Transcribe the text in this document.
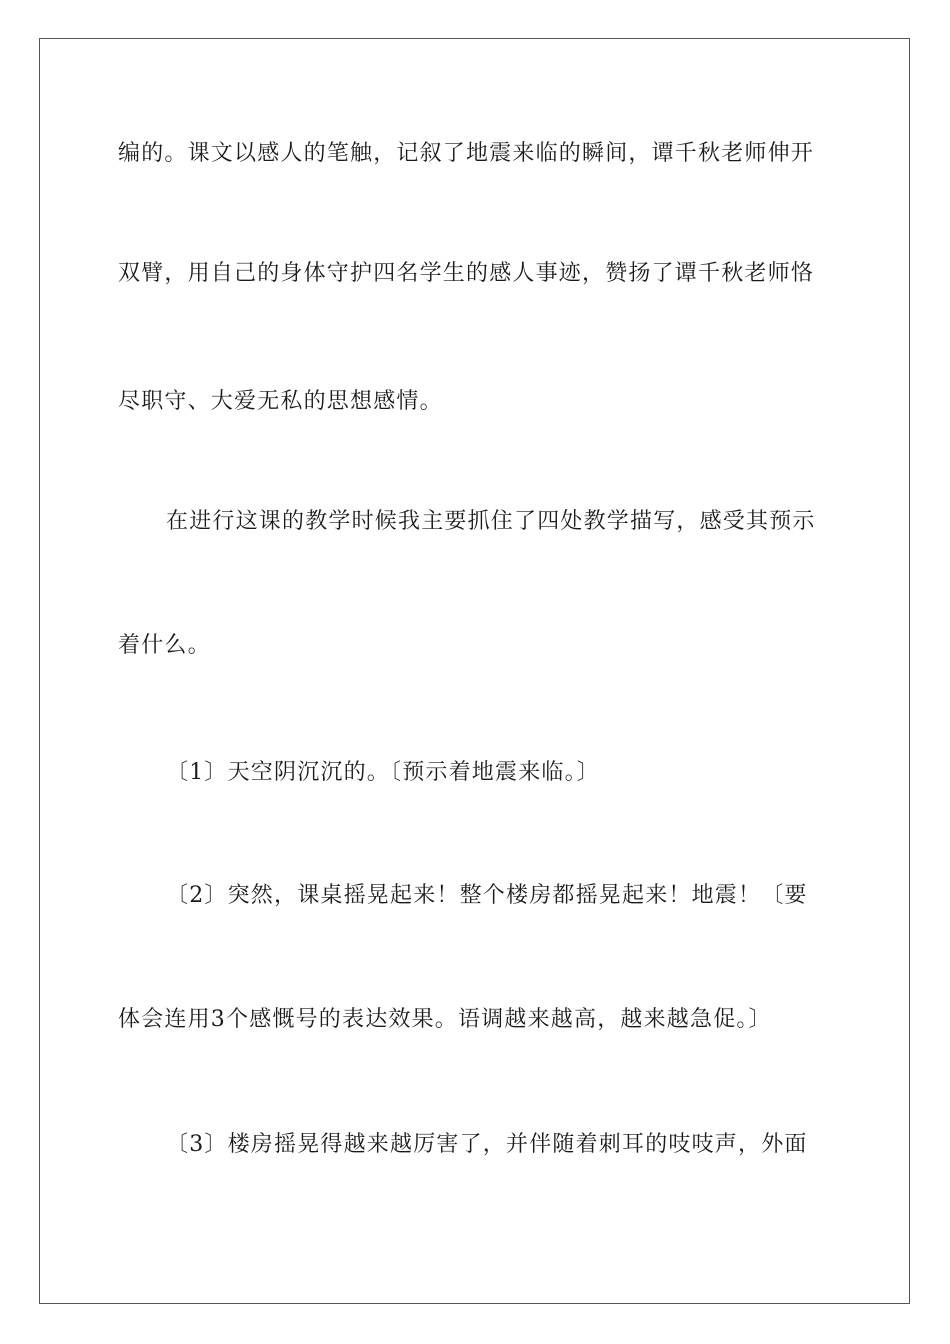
编的。课文以感人的笔触，记叙了地震来临的瞬间，谭千秋老师伸开
双臂，用自己的身体守护四名学生的感人事迹，赞扬了谭千秋老师恪
尽职守、大爱无私的思想感情。
在进行这课的教学时候我主要抓住了四处教学描写，感受其预示
着什么。
〔1〕天空阴沉沉的。〔预示着地震来临。〕
〔2〕突然，课桌摇晃起来！整个楼房都摇晃起来！地震！〔要
体会连用3个感慨号的表达效果。语调越来越高，越来越急促。〕
〔3〕楼房摇晃得越来越厉害了，并伴随着刺耳的吱吱声，外面
